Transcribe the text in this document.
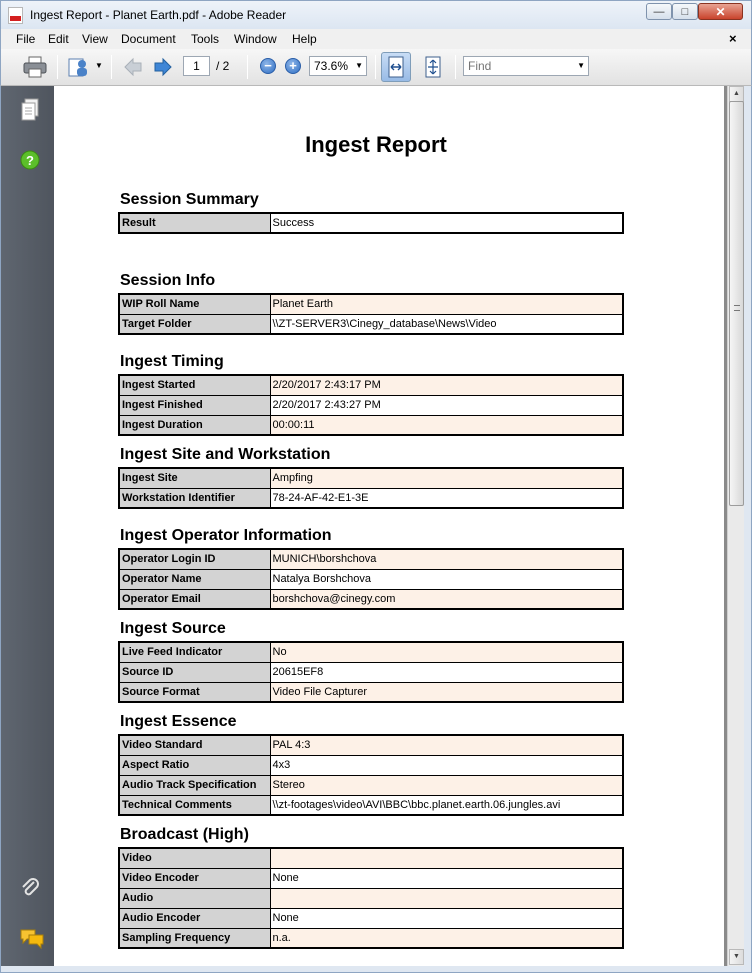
Ingest Report - Planet Earth.pdf - Adobe Reader	—	□	✕
File Edit View Document Tools Window Help	×
▼	1	/ 2	−	+	73.6% ▼
Find	▼
?
Ingest Report
Session Summary
Result	Success
Session Info
WIP Roll Name	Planet Earth
Target Folder	\\ZT-SERVER3\Cinegy_database\News\Video
Ingest Timing
Ingest Started	2/20/2017 2:43:17 PM
Ingest Finished	2/20/2017 2:43:27 PM
Ingest Duration	00:00:11
Ingest Site and Workstation
Ingest Site	Ampfing
Workstation Identifier	78-24-AF-42-E1-3E
Ingest Operator Information
Operator Login ID	MUNICH\borshchova
Operator Name	Natalya Borshchova
Operator Email	borshchova@cinegy.com
Ingest Source
Live Feed Indicator	No
Source ID	20615EF8
Source Format	Video File Capturer
Ingest Essence
Video Standard	PAL 4:3
Aspect Ratio	4x3
Audio Track Specification	Stereo
Technical Comments	\\zt-footages\video\AVI\BBC\bbc.planet.earth.06.jungles.avi
Broadcast (High)
Video	
Video Encoder	None
Audio	
Audio Encoder	None
Sampling Frequency	n.a.
▲
▼
